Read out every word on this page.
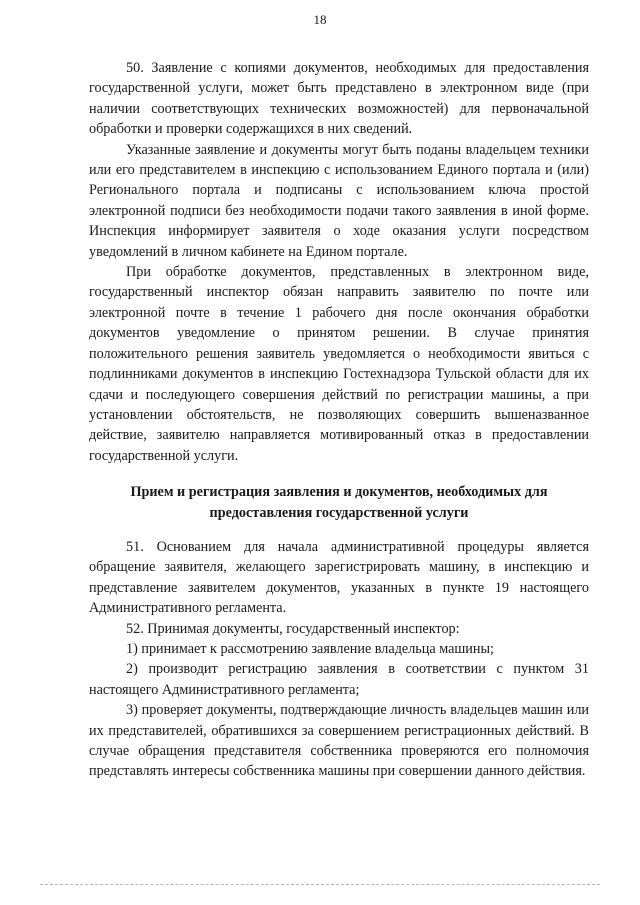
18

50. Заявление с копиями документов, необходимых для предоставления государственной услуги, может быть представлено в электронном виде (при наличии соответствующих технических возможностей) для первоначальной обработки и проверки содержащихся в них сведений.

Указанные заявление и документы могут быть поданы владельцем техники или его представителем в инспекцию с использованием Единого портала и (или) Регионального портала и подписаны с использованием ключа простой электронной подписи без необходимости подачи такого заявления в иной форме. Инспекция информирует заявителя о ходе оказания услуги посредством уведомлений в личном кабинете на Едином портале.

При обработке документов, представленных в электронном виде, государственный инспектор обязан направить заявителю по почте или электронной почте в течение 1 рабочего дня после окончания обработки документов уведомление о принятом решении. В случае принятия положительного решения заявитель уведомляется о необходимости явиться с подлинниками документов в инспекцию Гостехнадзора Тульской области для их сдачи и последующего совершения действий по регистрации машины, а при установлении обстоятельств, не позволяющих совершить вышеназванное действие, заявителю направляется мотивированный отказ в предоставлении государственной услуги.

Прием и регистрация заявления и документов, необходимых для предоставления государственной услуги

51. Основанием для начала административной процедуры является обращение заявителя, желающего зарегистрировать машину, в инспекцию и представление заявителем документов, указанных в пункте 19 настоящего Административного регламента.

52. Принимая документы, государственный инспектор:

1) принимает к рассмотрению заявление владельца машины;

2) производит регистрацию заявления в соответствии с пунктом 31 настоящего Административного регламента;

3) проверяет документы, подтверждающие личность владельцев машин или их представителей, обратившихся за совершением регистрационных действий. В случае обращения представителя собственника проверяются его полномочия представлять интересы собственника машины при совершении данного действия.
